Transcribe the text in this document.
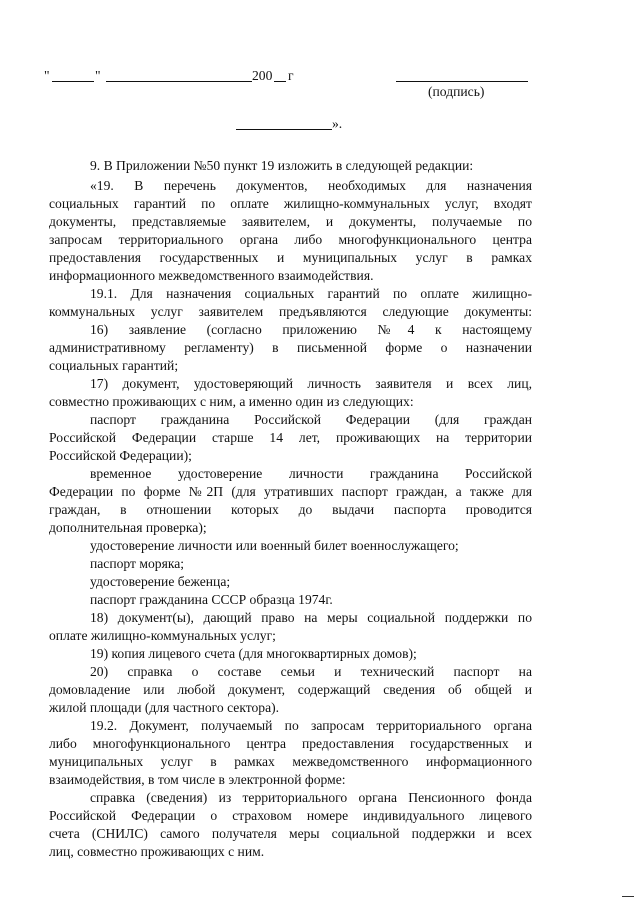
"	"	200 г
(подпись)
».

9. В Приложении №50 пункт 19 изложить в следующей редакции:

«19. В перечень документов, необходимых для назначения

социальных гарантий по оплате жилищно-коммунальных услуг, входят

документы, представляемые заявителем, и документы, получаемые по

запросам территориального органа либо многофункционального центра

предоставления государственных и муниципальных услуг в рамках

информационного межведомственного взаимодействия.

19.1. Для назначения социальных гарантий по оплате жилищно-

коммунальных услуг заявителем предъявляются следующие документы:

16) заявление (согласно приложению №4 к настоящему

административному регламенту) в письменной форме о назначении

социальных гарантий;

17) документ, удостоверяющий личность заявителя и всех лиц,

совместно проживающих с ним, а именно один из следующих:

паспорт гражданина Российской Федерации (для граждан

Российской Федерации старше 14 лет, проживающих на территории

Российской Федерации);

временное удостоверение личности гражданина Российской

Федерации по форме №2П (для утративших паспорт граждан, а также для

граждан, в отношении которых до выдачи паспорта проводится

дополнительная проверка);

удостоверение личности или военный билет военнослужащего;

паспорт моряка;

удостоверение беженца;

паспорт гражданина СССР образца 1974г.

18) документ(ы), дающий право на меры социальной поддержки по

оплате жилищно-коммунальных услуг;

19) копия лицевого счета (для многоквартирных домов);

20) справка о составе семьи и технический паспорт на

домовладение или любой документ, содержащий сведения об общей и

жилой площади (для частного сектора).

19.2. Документ, получаемый по запросам территориального органа

либо многофункционального центра предоставления государственных и

муниципальных услуг в рамках межведомственного информационного

взаимодействия, в том числе в электронной форме:

справка (сведения) из территориального органа Пенсионного фонда

Российской Федерации о страховом номере индивидуального лицевого

счета (СНИЛС) самого получателя меры социальной поддержки и всех

лиц, совместно проживающих с ним.
